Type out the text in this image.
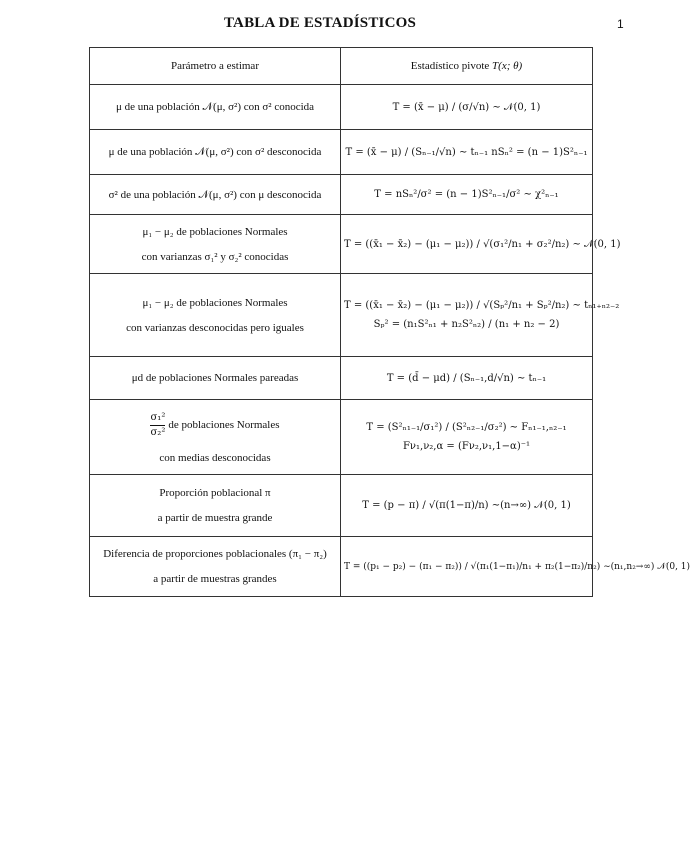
TABLA DE ESTADÍSTICOS	1
Parámetro a estimar	Estadístico pivote T(x; θ)

μ de una población 𝒩(μ, σ²) con σ² conocida	T = (x̄ − μ) / (σ/√n) ∼ 𝒩(0, 1)

μ de una población 𝒩(μ, σ²) con σ² desconocida	T = (x̄ − μ) / (Sₙ₋₁/√n) ∼ tₙ₋₁ nSₙ² = (n − 1)S²ₙ₋₁

σ² de una población 𝒩(μ, σ²) con μ desconocida	T = nSₙ²/σ² = (n − 1)S²ₙ₋₁/σ² ∼ χ²ₙ₋₁

μ₁ − μ₂ de poblaciones Normales
con varianzas σ₁² y σ₂² conocidas	T = ((x̄₁ − x̄₂) − (μ₁ − μ₂)) / √(σ₁²/n₁ + σ₂²/n₂) ∼ 𝒩(0, 1)

μ₁ − μ₂ de poblaciones Normales
con varianzas desconocidas pero iguales	T = ((x̄₁ − x̄₂) − (μ₁ − μ₂)) / √(Sₚ²/n₁ + Sₚ²/n₂) ∼ tₙ₁₊ₙ₂₋₂
Sₚ² = (n₁S²ₙ₁ + n₂S²ₙ₂) / (n₁ + n₂ − 2)

μd de poblaciones Normales pareadas	T = (d̄ − μd) / (Sₙ₋₁,d/√n) ∼ tₙ₋₁

$\frac{\text{σ₁²}}{\text{σ₂²}}$ de poblaciones Normales
con medias desconocidas	T = (S²ₙ₁₋₁/σ₁²) / (S²ₙ₂₋₁/σ₂²) ∼ Fₙ₁₋₁,ₙ₂₋₁
Fν₁,ν₂,α = (Fν₂,ν₁,1−α)⁻¹

Proporción poblacional π
a partir de muestra grande	T = (p − π) / √(π(1−π)/n) ∼(n→∞) 𝒩(0, 1)

Diferencia de proporciones poblacionales (π₁ − π₂)
a partir de muestras grandes	T = ((p₁ − p₂) − (π₁ − π₂)) / √(π₁(1−π₁)/n₁ + π₂(1−π₂)/n₂) ∼(n₁,n₂→∞) 𝒩(0, 1)
